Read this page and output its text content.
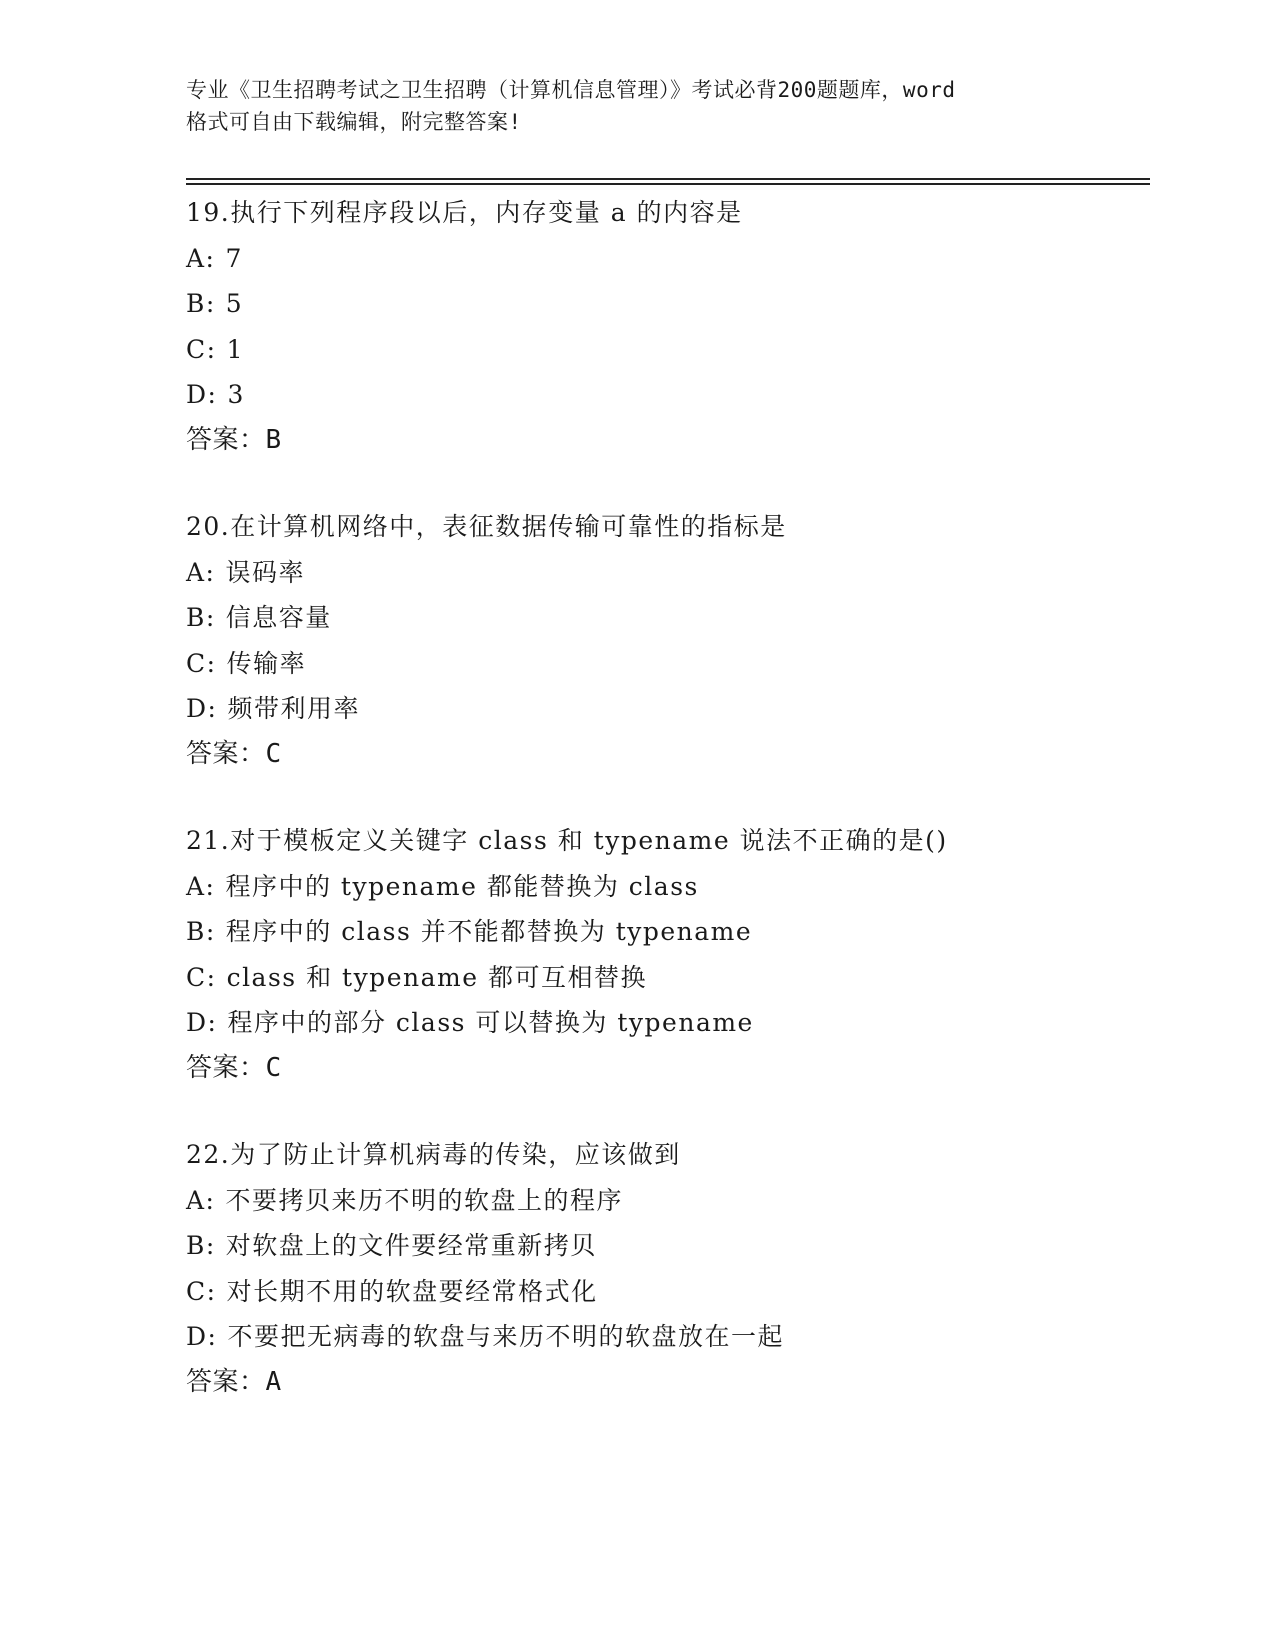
专业《卫生招聘考试之卫生招聘（计算机信息管理）》考试必背200题题库，word
格式可自由下载编辑，附完整答案!
19.执行下列程序段以后，内存变量 a 的内容是
A: 7
B: 5
C: 1
D: 3
答案：B
20.在计算机网络中，表征数据传输可靠性的指标是
A: 误码率
B: 信息容量
C: 传输率
D: 频带利用率
答案：C
21.对于模板定义关键字 class 和 typename 说法不正确的是()
A: 程序中的 typename 都能替换为 class
B: 程序中的 class 并不能都替换为 typename
C: class 和 typename 都可互相替换
D: 程序中的部分 class 可以替换为 typename
答案：C
22.为了防止计算机病毒的传染，应该做到
A: 不要拷贝来历不明的软盘上的程序
B: 对软盘上的文件要经常重新拷贝
C: 对长期不用的软盘要经常格式化
D: 不要把无病毒的软盘与来历不明的软盘放在一起
答案：A
